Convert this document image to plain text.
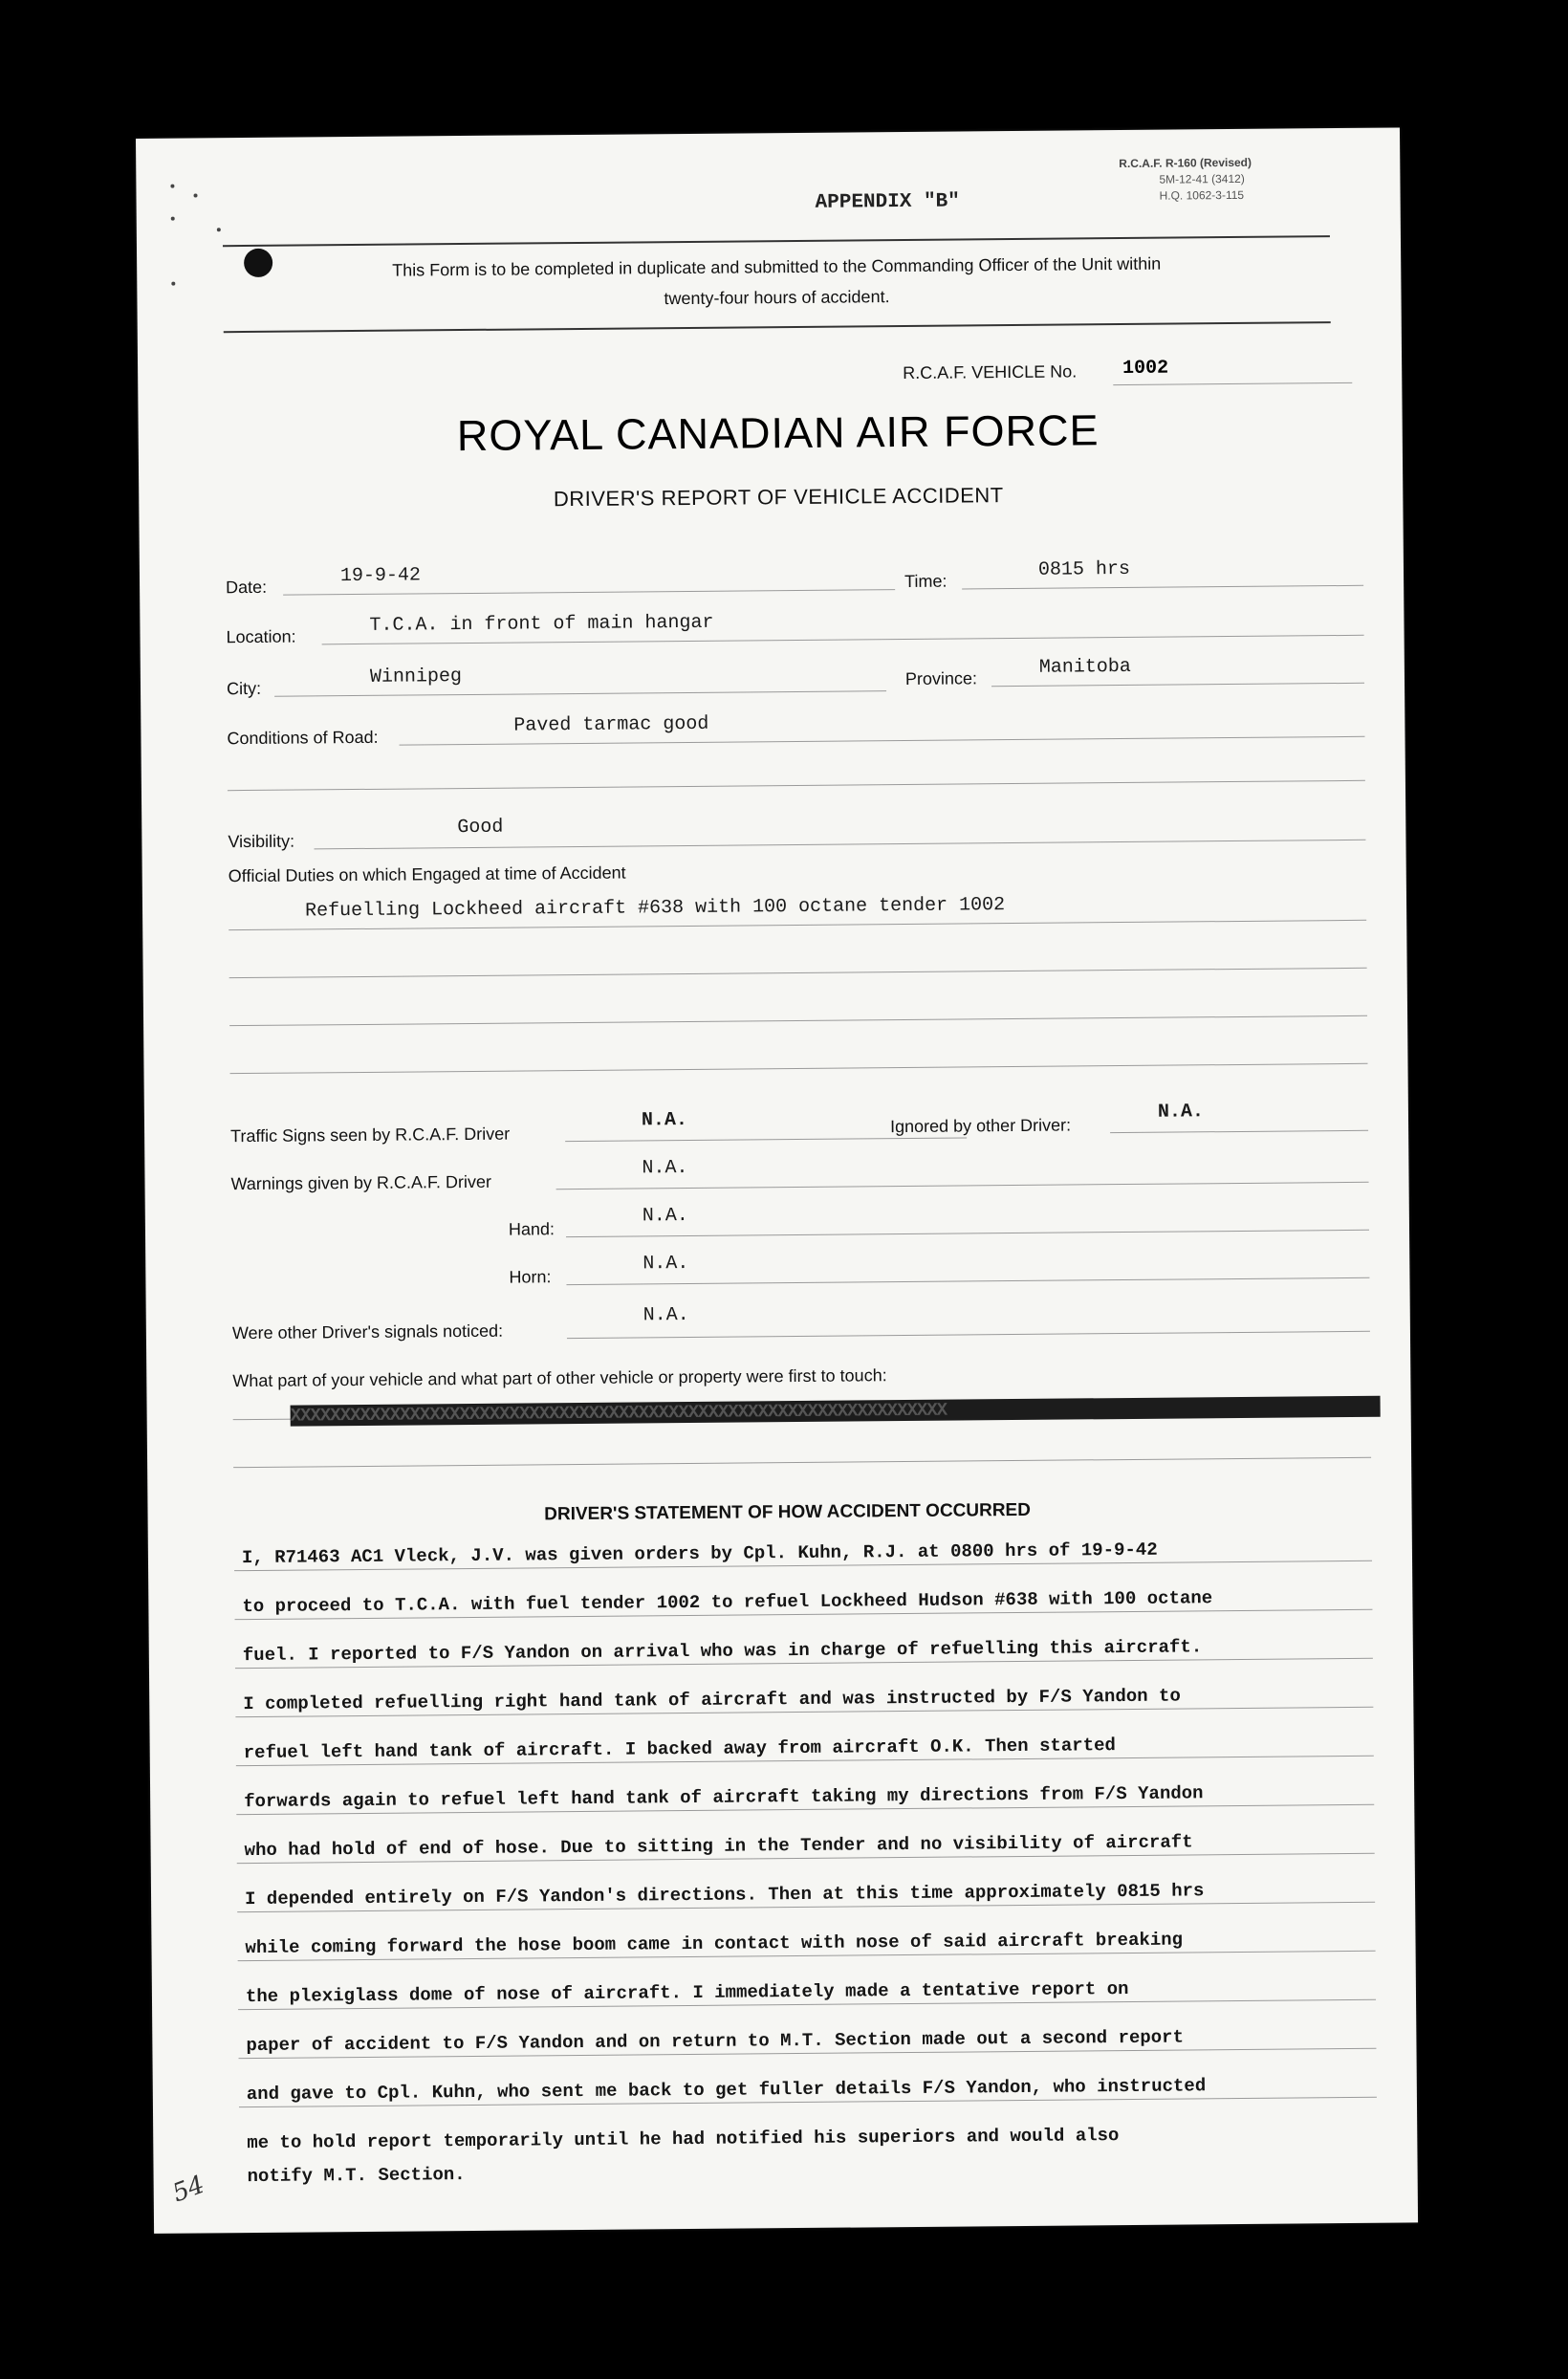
APPENDIX "B"
R.C.A.F. R-160 (Revised)
5M-12-41 (3412)
H.Q. 1062-3-115
This Form is to be completed in duplicate and submitted to the Commanding Officer of the Unit within
twenty-four hours of accident.
R.C.A.F. VEHICLE No. 1002
ROYAL CANADIAN AIR FORCE
DRIVER'S REPORT OF VEHICLE ACCIDENT
Date:	19-9-42	Time:
0815 hrs
Location:	T.C.A. in front of main hangar
City:
Winnipeg	Province:	Manitoba
Conditions of Road:
Paved tarmac good
Visibility:
Good
Official Duties on which Engaged at time of Accident
Refuelling Lockheed aircraft #638 with 100 octane tender 1002
Traffic Signs seen by R.C.A.F. Driver
N.A.	Ignored by other Driver:
N.A.
Warnings given by R.C.A.F. Driver
N.A.
Hand:
N.A.
Horn:
N.A.
Were other Driver's signals noticed:
N.A.
What part of your vehicle and what part of other vehicle or property were first to touch:
XXXXXXXXXXXXXXXXXXXXXXXXXXXXXXXXXXXXXXXXXXXXXXXXXXXXXXXXXXXXXXXXXX
DRIVER'S STATEMENT OF HOW ACCIDENT OCCURRED
I, R71463 AC1 Vleck, J.V. was given orders by Cpl. Kuhn, R.J. at 0800 hrs of 19-9-42
to proceed to T.C.A. with fuel tender 1002 to refuel Lockheed Hudson #638 with 100 octane
fuel. I reported to F/S Yandon on arrival who was in charge of refuelling this aircraft.
I completed refuelling right hand tank of aircraft and was instructed by F/S Yandon to
refuel left hand tank of aircraft. I backed away from aircraft O.K. Then started
forwards again to refuel left hand tank of aircraft taking my directions from F/S Yandon
who had hold of end of hose. Due to sitting in the Tender and no visibility of aircraft
I depended entirely on F/S Yandon's directions. Then at this time approximately 0815 hrs
while coming forward the hose boom came in contact with nose of said aircraft breaking
the plexiglass dome of nose of aircraft. I immediately made a tentative report on
paper of accident to F/S Yandon and on return to M.T. Section made out a second report
and gave to Cpl. Kuhn, who sent me back to get fuller details F/S Yandon, who instructed
me to hold report temporarily until he had notified his superiors and would also
notify M.T. Section.
54
